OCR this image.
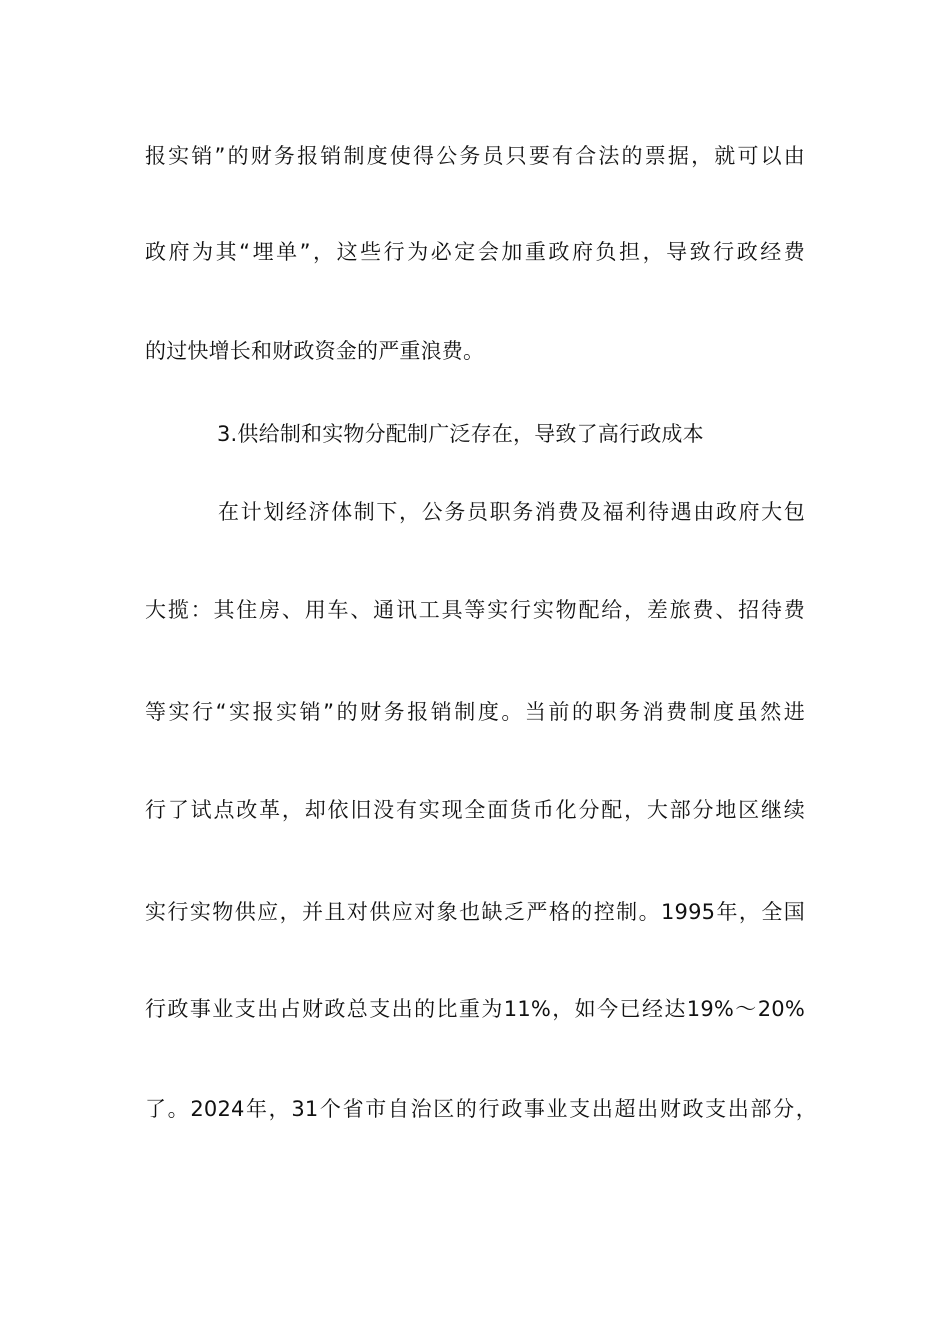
报实销”的财务报销制度使得公务员只要有合法的票据，就可以由
政府为其“埋单”，这些行为必定会加重政府负担，导致行政经费
的过快增长和财政资金的严重浪费。
3.供给制和实物分配制广泛存在，导致了高行政成本
在计划经济体制下，公务员职务消费及福利待遇由政府大包
大揽：其住房、用车、通讯工具等实行实物配给，差旅费、招待费
等实行“实报实销”的财务报销制度。当前的职务消费制度虽然进
行了试点改革，却依旧没有实现全面货币化分配，大部分地区继续
实行实物供应，并且对供应对象也缺乏严格的控制。1995年，全国
行政事业支出占财政总支出的比重为11%，如今已经达19%～20%
了。2024年，31个省市自治区的行政事业支出超出财政支出部分，
